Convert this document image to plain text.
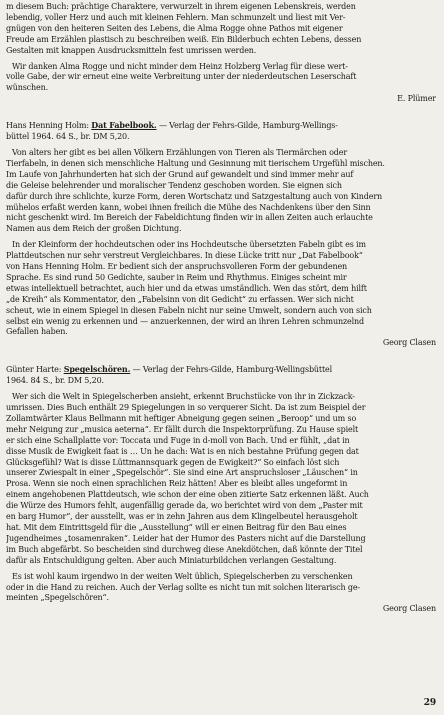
m diesem Buch: prächtige Charaktere, verwurzelt in ihrem eigenen Lebenskreis, werden
lebendig, voller Herz und auch mit kleinen Fehlern. Man schmunzelt und liest mit Ver-
gnügen von den heiteren Seiten des Lebens, die Alma Rogge ohne Pathos mit eigener
Freude am Erzählen plastisch zu beschreiben weiß. Ein Bilderbuch echten Lebens, dessen
Gestalten mit knappen Ausdrucksmitteln fest umrissen werden.
Wir danken Alma Rogge und nicht minder dem Heinz Holzberg Verlag für diese wert-
volle Gabe, der wir erneut eine weite Verbreitung unter der niederdeutschen Leserschaft
wünschen.
E. Plümer
Hans Henning Holm: Dat Fabelbook. — Verlag der Fehrs-Gilde, Hamburg-Wellings-
büttel 1964. 64 S., br. DM 5,20.
Von alters her gibt es bei allen Völkern Erzählungen von Tieren als Tiermärchen oder
Tierfabeln, in denen sich menschliche Haltung und Gesinnung mit tierischem Urgefühl mischen.
Im Laufe von Jahrhunderten hat sich der Grund auf gewandelt und sind immer mehr auf
die Geleise belehrender und moralischer Tendenz geschoben worden. Sie eignen sich
dafür durch ihre schlichte, kurze Form, deren Wortschatz und Satzgestaltung auch von Kindern
mühelos erfaßt werden kann, wobei ihnen freilich die Mühe des Nachdenkens über den Sinn
nicht geschenkt wird. Im Bereich der Fabeldichtung finden wir in allen Zeiten auch erlauchte
Namen aus dem Reich der großen Dichtung.
In der Kleinform der hochdeutschen oder ins Hochdeutsche übersetzten Fabeln gibt es im
Plattdeutschen nur sehr verstreut Vergleichbares. In diese Lücke tritt nur „Dat Fabelbook“
von Hans Henning Holm. Er bedient sich der anspruchsvolleren Form der gebundenen
Sprache. Es sind rund 50 Gedichte, sauber in Reim und Rhythmus. Einiges scheint mir
etwas intellektuell betrachtet, auch hier und da etwas umständlich. Wen das stört, dem hilft
„de Kreih“ als Kommentator, den „Fabelsinn von dit Gedicht“ zu erfassen. Wer sich nicht
scheut, wie in einem Spiegel in diesen Fabeln nicht nur seine Umwelt, sondern auch von sich
selbst ein wenig zu erkennen und — anzuerkennen, der wird an ihren Lehren schmunzelnd
Gefallen haben.
Georg Clasen
Günter Harte: Spegelschören. — Verlag der Fehrs-Gilde, Hamburg-Wellingsbüttel
1964. 84 S., br. DM 5,20.
Wer sich die Welt in Spiegelscherben ansieht, erkennt Bruchstücke von ihr in Zickzack-
umrissen. Dies Buch enthält 29 Spiegelungen in so verquerer Sicht. Da ist zum Beispiel der
Zollamtwärter Klaus Bellmann mit heftiger Abneigung gegen seinen „Beroop“ und um so
mehr Neigung zur „musica aeterna“. Er fällt durch die Inspektorprüfung. Zu Hause spielt
er sich eine Schallplatte vor: Toccata und Fuge in d-moll von Bach. Und er fühlt, „dat in
disse Musik de Ewigkeit faat is … Un he dach: Wat is en nich bestahne Prüfung gegen dat
Glücksgefühl? Wat is disse Lüttmannsquark gegen de Ewigkeit?“ So einfach löst sich
unserer Zwiespalt in einer „Spegelschör“. Sie sind eine Art anspruchsloser „Läuschen“ in
Prosa. Wenn sie noch einen sprachlichen Reiz hätten! Aber es bleibt alles ungeformt in
einem angehobenen Plattdeutsch, wie schon der eine oben zitierte Satz erkennen läßt. Auch
die Würze des Humors fehlt, augenfällig gerade da, wo berichtet wird von dem „Paster mit
en barg Humor“, der ausstellt, was er in zehn Jahren aus dem Klingelbeutel herausgeholt
hat. Mit dem Eintrittsgeld für die „Ausstellung“ will er einen Beitrag für den Bau eines
Jugendheimes „tosamenraken“. Leider hat der Humor des Pasters nicht auf die Darstellung
im Buch abgefärbt. So bescheiden sind durchweg diese Anekdötchen, daß könnte der Titel
dafür als Entschuldigung gelten. Aber auch Miniaturbildchen verlangen Gestaltung.
Es ist wohl kaum irgendwo in der weiten Welt üblich, Spiegelscherben zu verschenken
oder in die Hand zu reichen. Auch der Verlag sollte es nicht tun mit solchen literarisch ge-
meinten „Spegelschören“.
Georg Clasen
29
